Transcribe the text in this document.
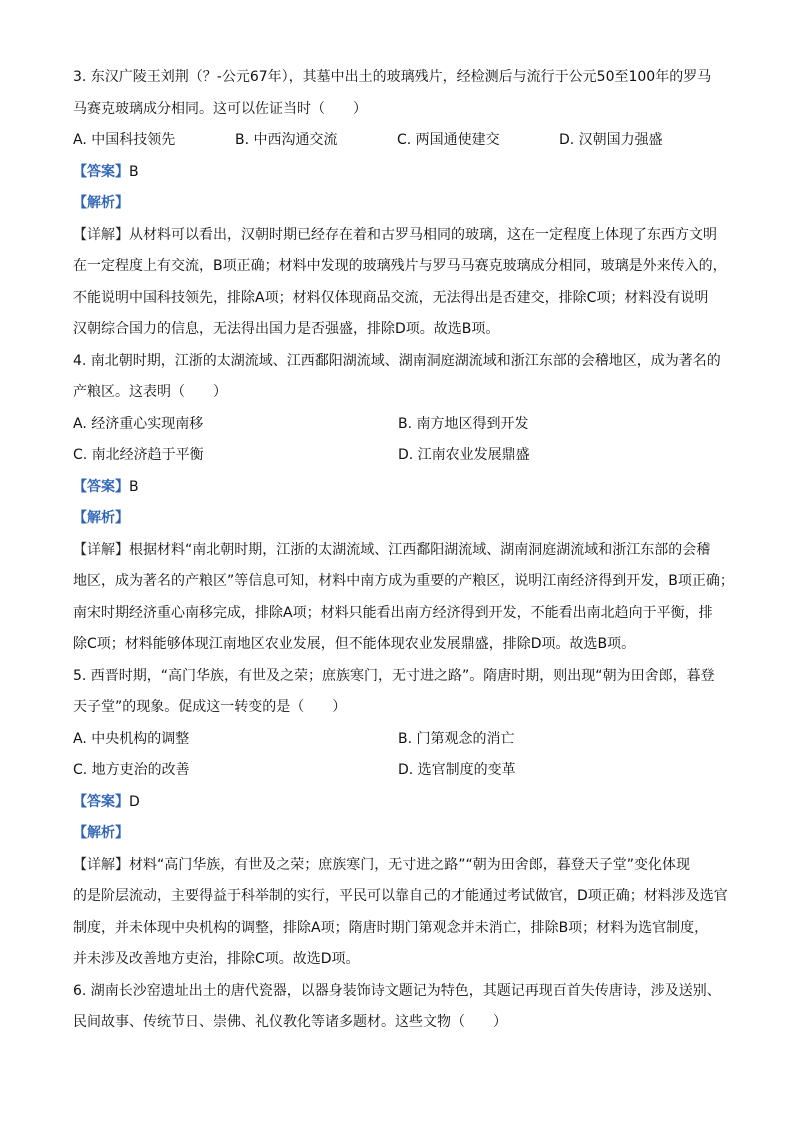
3. 东汉广陵王刘荆（？-公元67年），其墓中出土的玻璃残片，经检测后与流行于公元50至100年的罗马
马赛克玻璃成分相同。这可以佐证当时（　　）
A. 中国科技领先	B. 中西沟通交流	C. 两国通使建交	D. 汉朝国力强盛
【答案】B
【解析】
【详解】从材料可以看出，汉朝时期已经存在着和古罗马相同的玻璃，这在一定程度上体现了东西方文明
在一定程度上有交流，B项正确；材料中发现的玻璃残片与罗马马赛克玻璃成分相同，玻璃是外来传入的，
不能说明中国科技领先，排除A项；材料仅体现商品交流，无法得出是否建交，排除C项；材料没有说明
汉朝综合国力的信息，无法得出国力是否强盛，排除D项。故选B项。
4. 南北朝时期，江浙的太湖流域、江西鄱阳湖流域、湖南洞庭湖流域和浙江东部的会稽地区，成为著名的
产粮区。这表明（　　）
A. 经济重心实现南移	B. 南方地区得到开发
C. 南北经济趋于平衡	D. 江南农业发展鼎盛
【答案】B
【解析】
【详解】根据材料“南北朝时期，江浙的太湖流域、江西鄱阳湖流域、湖南洞庭湖流域和浙江东部的会稽
地区，成为著名的产粮区”等信息可知，材料中南方成为重要的产粮区，说明江南经济得到开发，B项正确；
南宋时期经济重心南移完成，排除A项；材料只能看出南方经济得到开发，不能看出南北趋向于平衡，排
除C项；材料能够体现江南地区农业发展，但不能体现农业发展鼎盛，排除D项。故选B项。
5. 西晋时期，“高门华族，有世及之荣；庶族寒门，无寸进之路”。隋唐时期，则出现“朝为田舍郎，暮登
天子堂”的现象。促成这一转变的是（　　）
A. 中央机构的调整	B. 门第观念的消亡
C. 地方吏治的改善	D. 选官制度的变革
【答案】D
【解析】
【详解】材料“高门华族，有世及之荣；庶族寒门，无寸进之路”“朝为田舍郎，暮登天子堂”变化体现
的是阶层流动，主要得益于科举制的实行，平民可以靠自己的才能通过考试做官，D项正确；材料涉及选官
制度，并未体现中央机构的调整，排除A项；隋唐时期门第观念并未消亡，排除B项；材料为选官制度，
并未涉及改善地方吏治，排除C项。故选D项。
6. 湖南长沙窑遗址出土的唐代瓷器，以器身装饰诗文题记为特色，其题记再现百首失传唐诗，涉及送别、
民间故事、传统节日、崇佛、礼仪教化等诸多题材。这些文物（　　）
